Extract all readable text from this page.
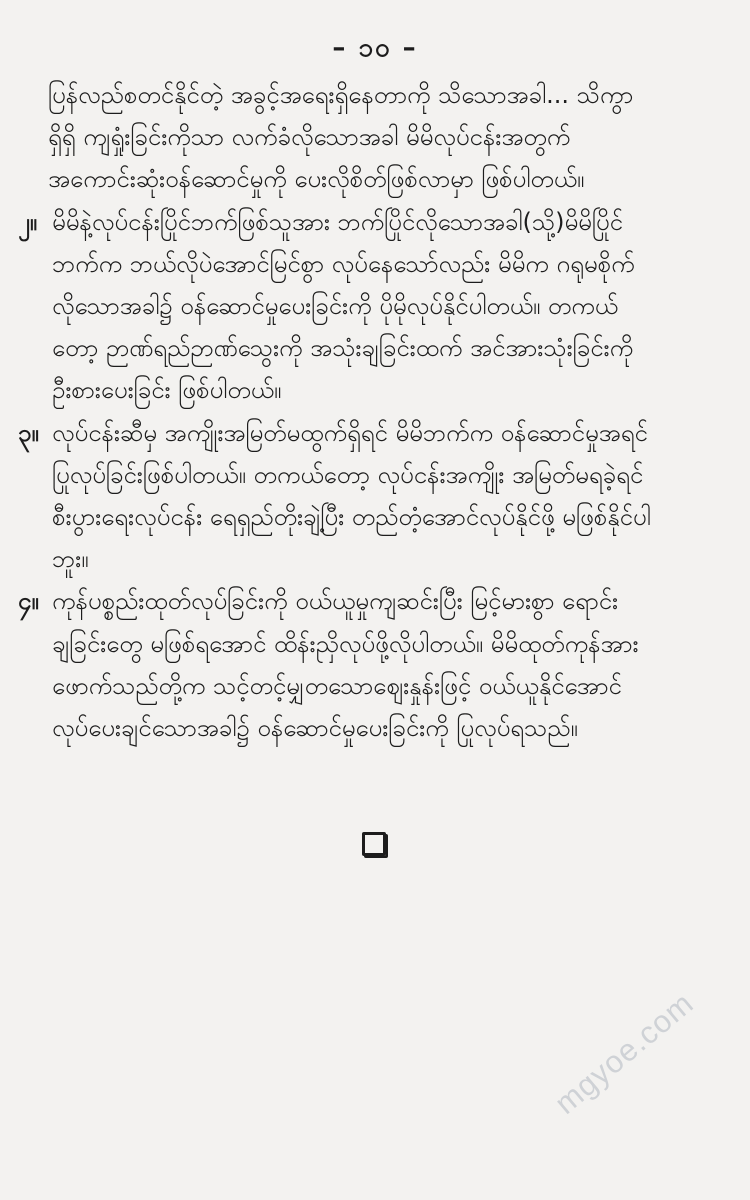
– ၁၀ –
ပြန်လည်စတင်နိုင်တဲ့ အခွင့်အရေးရှိနေတာကို သိသောအခါ... သိကွာ
ရှိရှိ ကျရှုံးခြင်းကိုသာ လက်ခံလိုသောအခါ မိမိလုပ်ငန်းအတွက်
အကောင်းဆုံးဝန်ဆောင်မှုကို ပေးလိုစိတ်ဖြစ်လာမှာ ဖြစ်ပါတယ်။
၂။ မိမိနဲ့လုပ်ငန်းပြိုင်ဘက်ဖြစ်သူအား ဘက်ပြိုင်လိုသောအခါ(သို့)မိမိပြိုင်
ဘက်က ဘယ်လိုပဲအောင်မြင်စွာ လုပ်နေသော်လည်း မိမိက ဂရုမစိုက်
လိုသောအခါ၌ ဝန်ဆောင်မှုပေးခြင်းကို ပိုမိုလုပ်နိုင်ပါတယ်။ တကယ်
တော့ ဉာဏ်ရည်ဉာဏ်သွေးကို အသုံးချခြင်းထက် အင်အားသုံးခြင်းကို
ဦးစားပေးခြင်း ဖြစ်ပါတယ်။
၃။ လုပ်ငန်းဆီမှ အကျိုးအမြတ်မထွက်ရှိရင် မိမိဘက်က ဝန်ဆောင်မှုအရင်
ပြုလုပ်ခြင်းဖြစ်ပါတယ်။ တကယ်တော့ လုပ်ငန်းအကျိုး အမြတ်မရခဲ့ရင်
စီးပွားရေးလုပ်ငန်း ရေရှည်တိုးချဲ့ပြီး တည်တံ့အောင်လုပ်နိုင်ဖို့ မဖြစ်နိုင်ပါ
ဘူး။
၄။ ကုန်ပစ္စည်းထုတ်လုပ်ခြင်းကို ဝယ်ယူမှုကျဆင်းပြီး မြင့်မားစွာ ရောင်း
ချခြင်းတွေ မဖြစ်ရအောင် ထိန်းညှိလုပ်ဖို့လိုပါတယ်။ မိမိထုတ်ကုန်အား
ဖောက်သည်တို့က သင့်တင့်မျှတသောဈေးနှုန်းဖြင့် ဝယ်ယူနိုင်အောင်
လုပ်ပေးချင်သောအခါ၌ ဝန်ဆောင်မှုပေးခြင်းကို ပြုလုပ်ရသည်။
mgyoe.com
